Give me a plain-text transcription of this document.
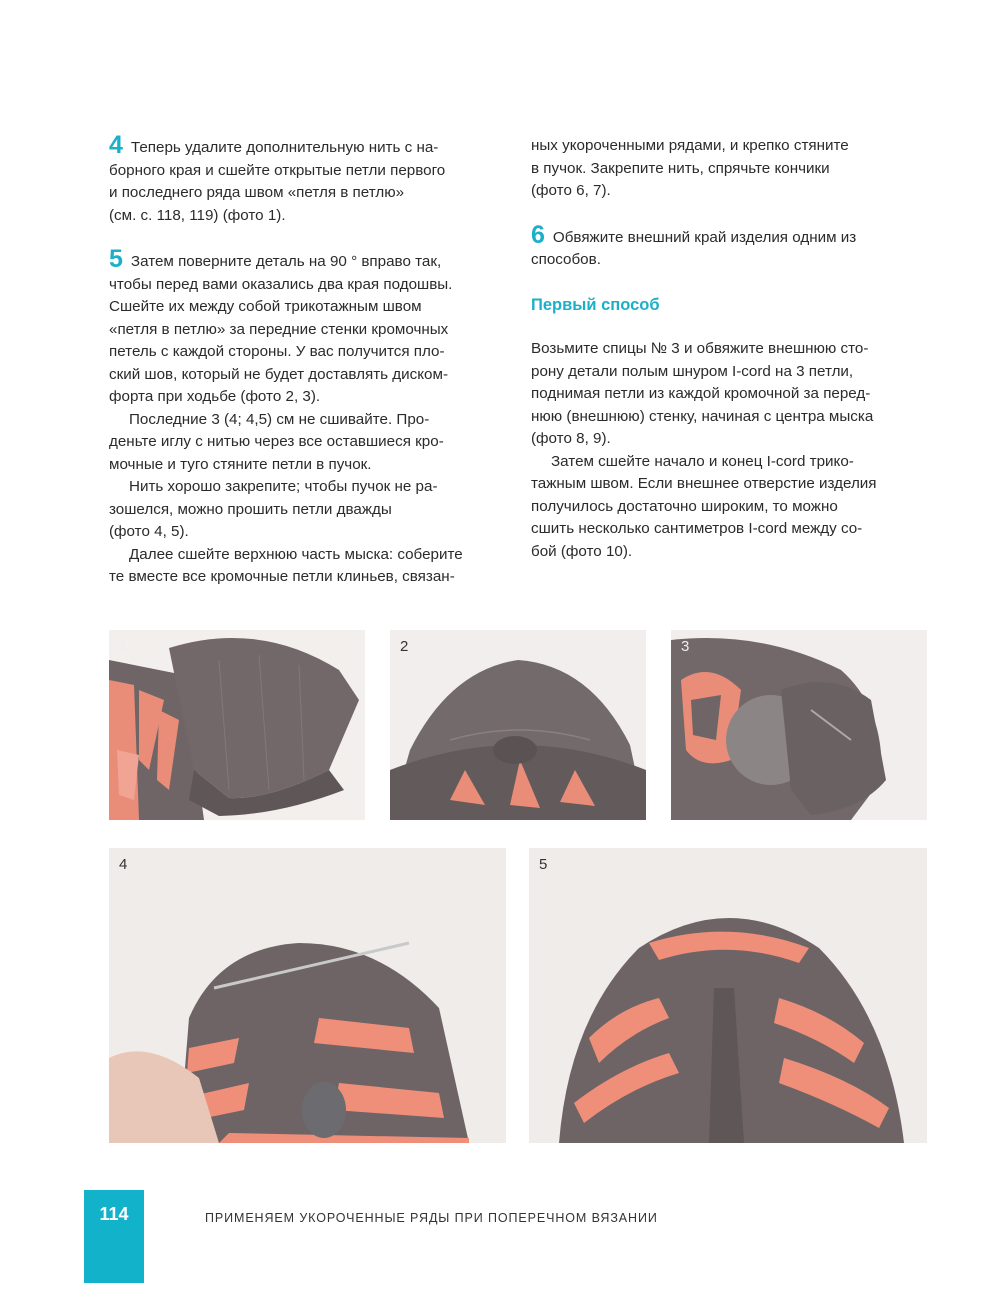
4 Теперь удалите дополнительную нить с на-
борного края и сшейте открытые петли первого
и последнего ряда швом «петля в петлю»
(см. с. 118, 119) (фото 1).

5 Затем поверните деталь на 90 ° вправо так,
чтобы перед вами оказались два края подошвы.
Сшейте их между собой трикотажным швом
«петля в петлю» за передние стенки кромочных
петель с каждой стороны. У вас получится пло-
ский шов, который не будет доставлять диском-
форта при ходьбе (фото 2, 3).

Последние 3 (4; 4,5) см не сшивайте. Про-
деньте иглу с нитью через все оставшиеся кро-
мочные и туго стяните петли в пучок.

Нить хорошо закрепите; чтобы пучок не ра-
зошелся, можно прошить петли дважды
(фото 4, 5).

Далее сшейте верхнюю часть мыска: соберите
те вместе все кромочные петли клиньев, связан-

ных укороченными рядами, и крепко стяните
в пучок. Закрепите нить, спрячьте кончики
(фото 6, 7).

6 Обвяжите внешний край изделия одним из
способов.

Первый способ

Возьмите спицы № 3 и обвяжите внешнюю сто-
рону детали полым шнуром I-cord на 3 петли,
поднимая петли из каждой кромочной за перед-
нюю (внешнюю) стенку, начиная с центра мыска
(фото 8, 9).

Затем сшейте начало и конец I-cord трико-
тажным швом. Если внешнее отверстие изделия
получилось достаточно широким, то можно
сшить несколько сантиметров I-cord между со-
бой (фото 10).

1	2	3
4	5
114	ПРИМЕНЯЕМ УКОРОЧЕННЫЕ РЯДЫ ПРИ ПОПЕРЕЧНОМ ВЯЗАНИИ
